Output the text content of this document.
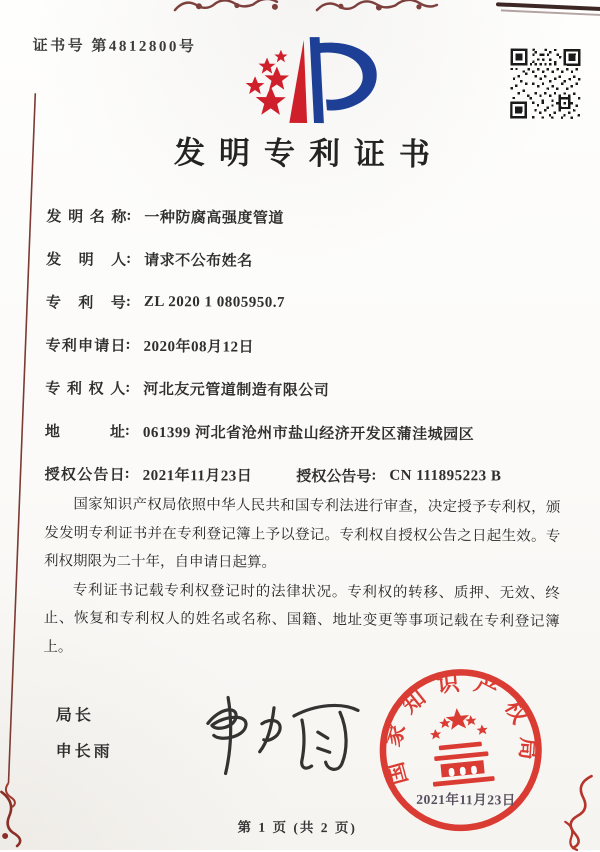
证书号 第4812800号
发明专利证书
发明名称 : 一种防腐高强度管道
发明人 : 请求不公布姓名
专利号 : ZL 2020 1 0805950.7
专利申请日 : 2020年08月12日
专利权人 : 河北友元管道制造有限公司
地址 : 061399 河北省沧州市盐山经济开发区蒲洼城园区
授权公告日 : 2021年11月23日	授权公告号 : CN 111895223 B

国家知识产权局依照中华人民共和国专利法进行审查，决定授予专利权，颁发发明专利证书并在专利登记簿上予以登记。专利权自授权公告之日起生效。专利权期限为二十年，自申请日起算。

专利证书记载专利权登记时的法律状况。专利权的转移、质押、无效、终止、恢复和专利权人的姓名或名称、国籍、地址变更等事项记载在专利登记簿上。

局长
申长雨	国家知识产权局
2021年11月23日
第 1 页 (共 2 页)
